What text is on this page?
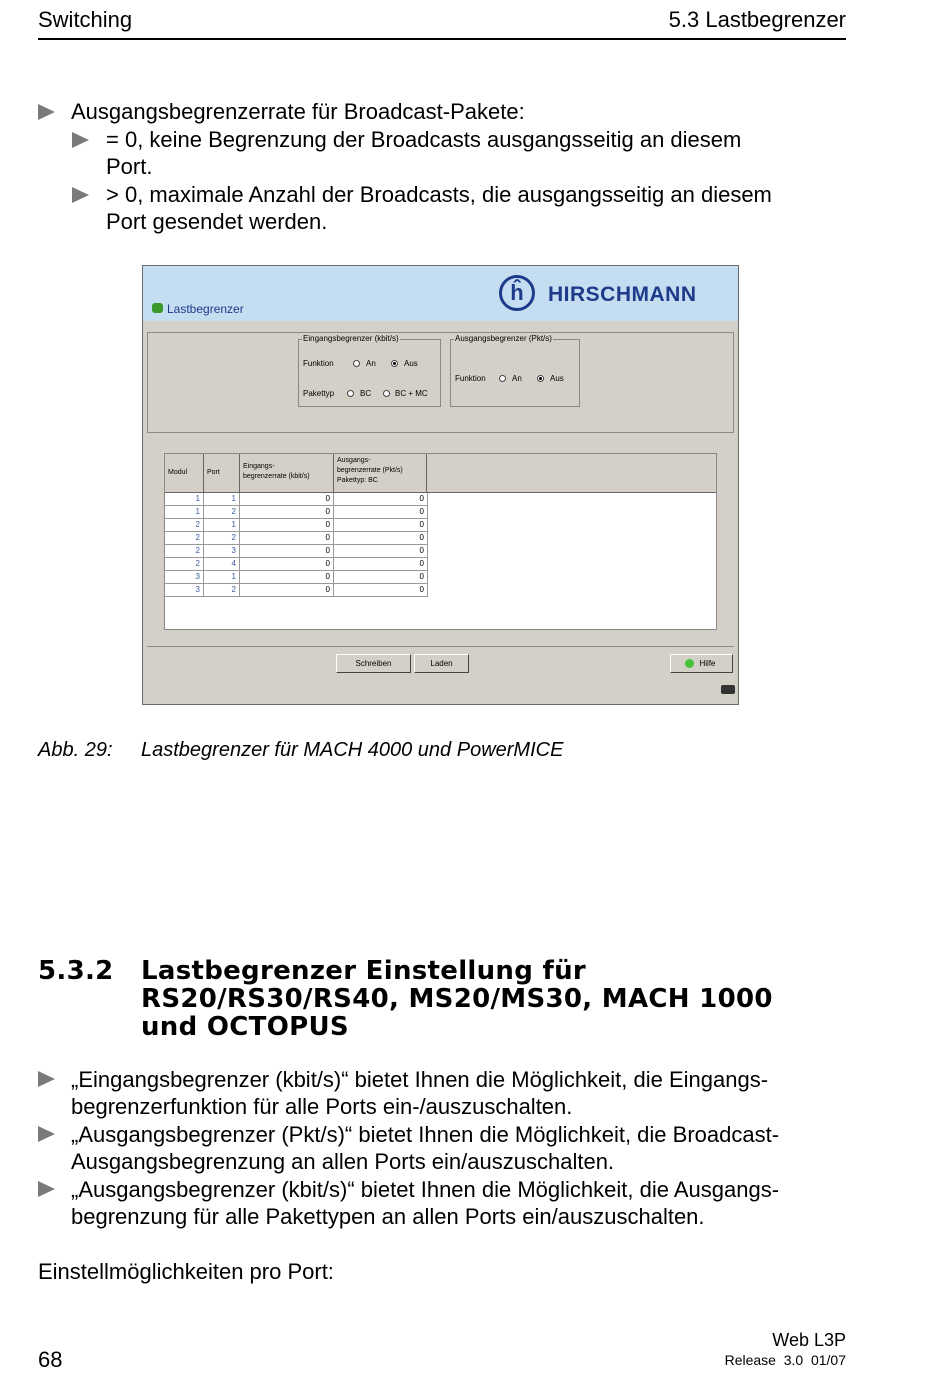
Switching	5.3 Lastbegrenzer
Ausgangsbegrenzerrate für Broadcast-Pakete:
= 0, keine Begrenzung der Broadcasts ausgangsseitig an diesem
Port.
> 0, maximale Anzahl der Broadcasts, die ausgangsseitig an diesem
Port gesendet werden.
Lastbegrenzer
ĥ	HIRSCHMANN
Eingangsbegrenzer (kbit/s)
Funktion	An	Aus
Pakettyp	BC	BC + MC
Ausgangsbegrenzer (Pkt/s)
Funktion	An	Aus
Modul	Port
Eingangs-
begrenzerrate (kbit/s)
Ausgangs-
begrenzerrate (Pkt/s)
Pakettyp: BC
1	1	0	0
1	2	0	0
2	1	0	0
2	2	0	0
2	3	0	0
2	4	0	0
3	1	0	0
3	2	0	0
Schreiben	Laden	Hilfe
Abb. 29: Lastbegrenzer für MACH 4000 und PowerMICE
5.3.2 Lastbegrenzer Einstellung für
RS20/RS30/RS40, MS20/MS30, MACH 1000
und OCTOPUS
„Eingangsbegrenzer (kbit/s)“ bietet Ihnen die Möglichkeit, die Eingangs-
begrenzerfunktion für alle Ports ein-/auszuschalten.
„Ausgangsbegrenzer (Pkt/s)“ bietet Ihnen die Möglichkeit, die Broadcast-
Ausgangsbegrenzung an allen Ports ein/auszuschalten.
„Ausgangsbegrenzer (kbit/s)“ bietet Ihnen die Möglichkeit, die Ausgangs-
begrenzung für alle Pakettypen an allen Ports ein/auszuschalten.
Einstellmöglichkeiten pro Port:
68
Web L3P
Release  3.0  01/07
